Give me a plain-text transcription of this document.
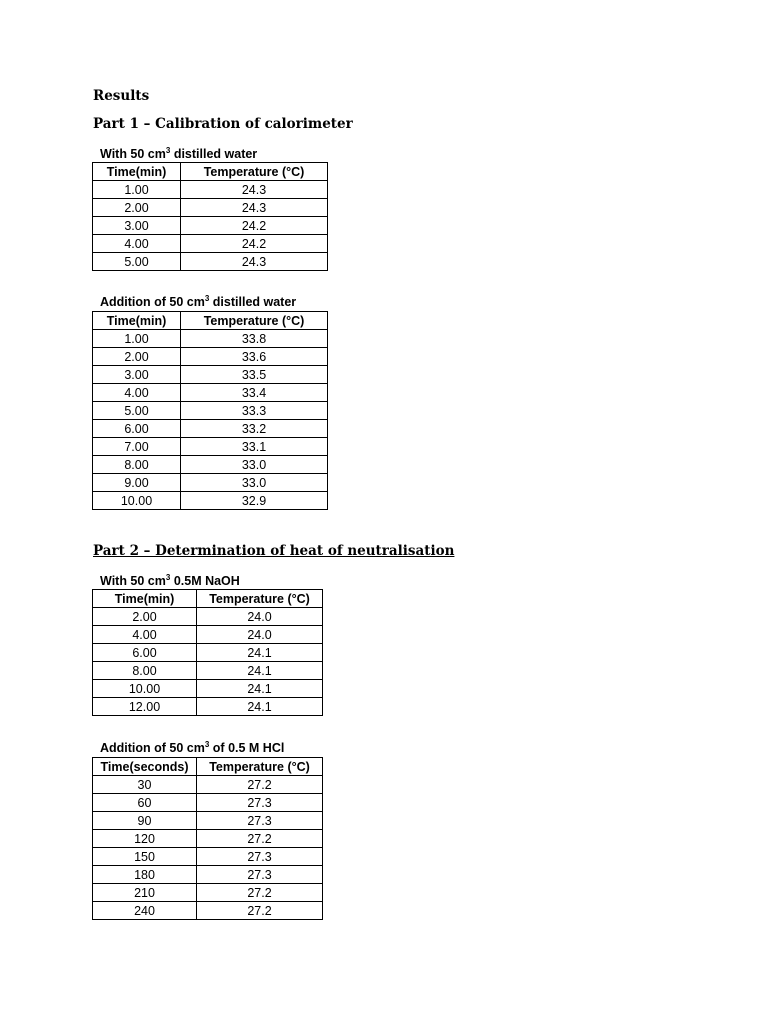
Results
Part 1 – Calibration of calorimeter
With 50 $cm^3$ distilled water
Time(min)	Temperature (°C)
1.00	24.3
2.00	24.3
3.00	24.2
4.00	24.2
5.00	24.3
Addition of 50 $cm^3$ distilled water
Time(min)	Temperature (°C)
1.00	33.8
2.00	33.6
3.00	33.5
4.00	33.4
5.00	33.3
6.00	33.2
7.00	33.1
8.00	33.0
9.00	33.0
10.00	32.9
Part 2 – Determination of heat of neutralisation
With 50 $cm^3$ 0.5M NaOH
Time(min)	Temperature (°C)
2.00	24.0
4.00	24.0
6.00	24.1
8.00	24.1
10.00	24.1
12.00	24.1
Addition of 50 $cm^3$ of 0.5 M HCl
Time(seconds)	Temperature (°C)
30	27.2
60	27.3
90	27.3
120	27.2
150	27.3
180	27.3
210	27.2
240	27.2
